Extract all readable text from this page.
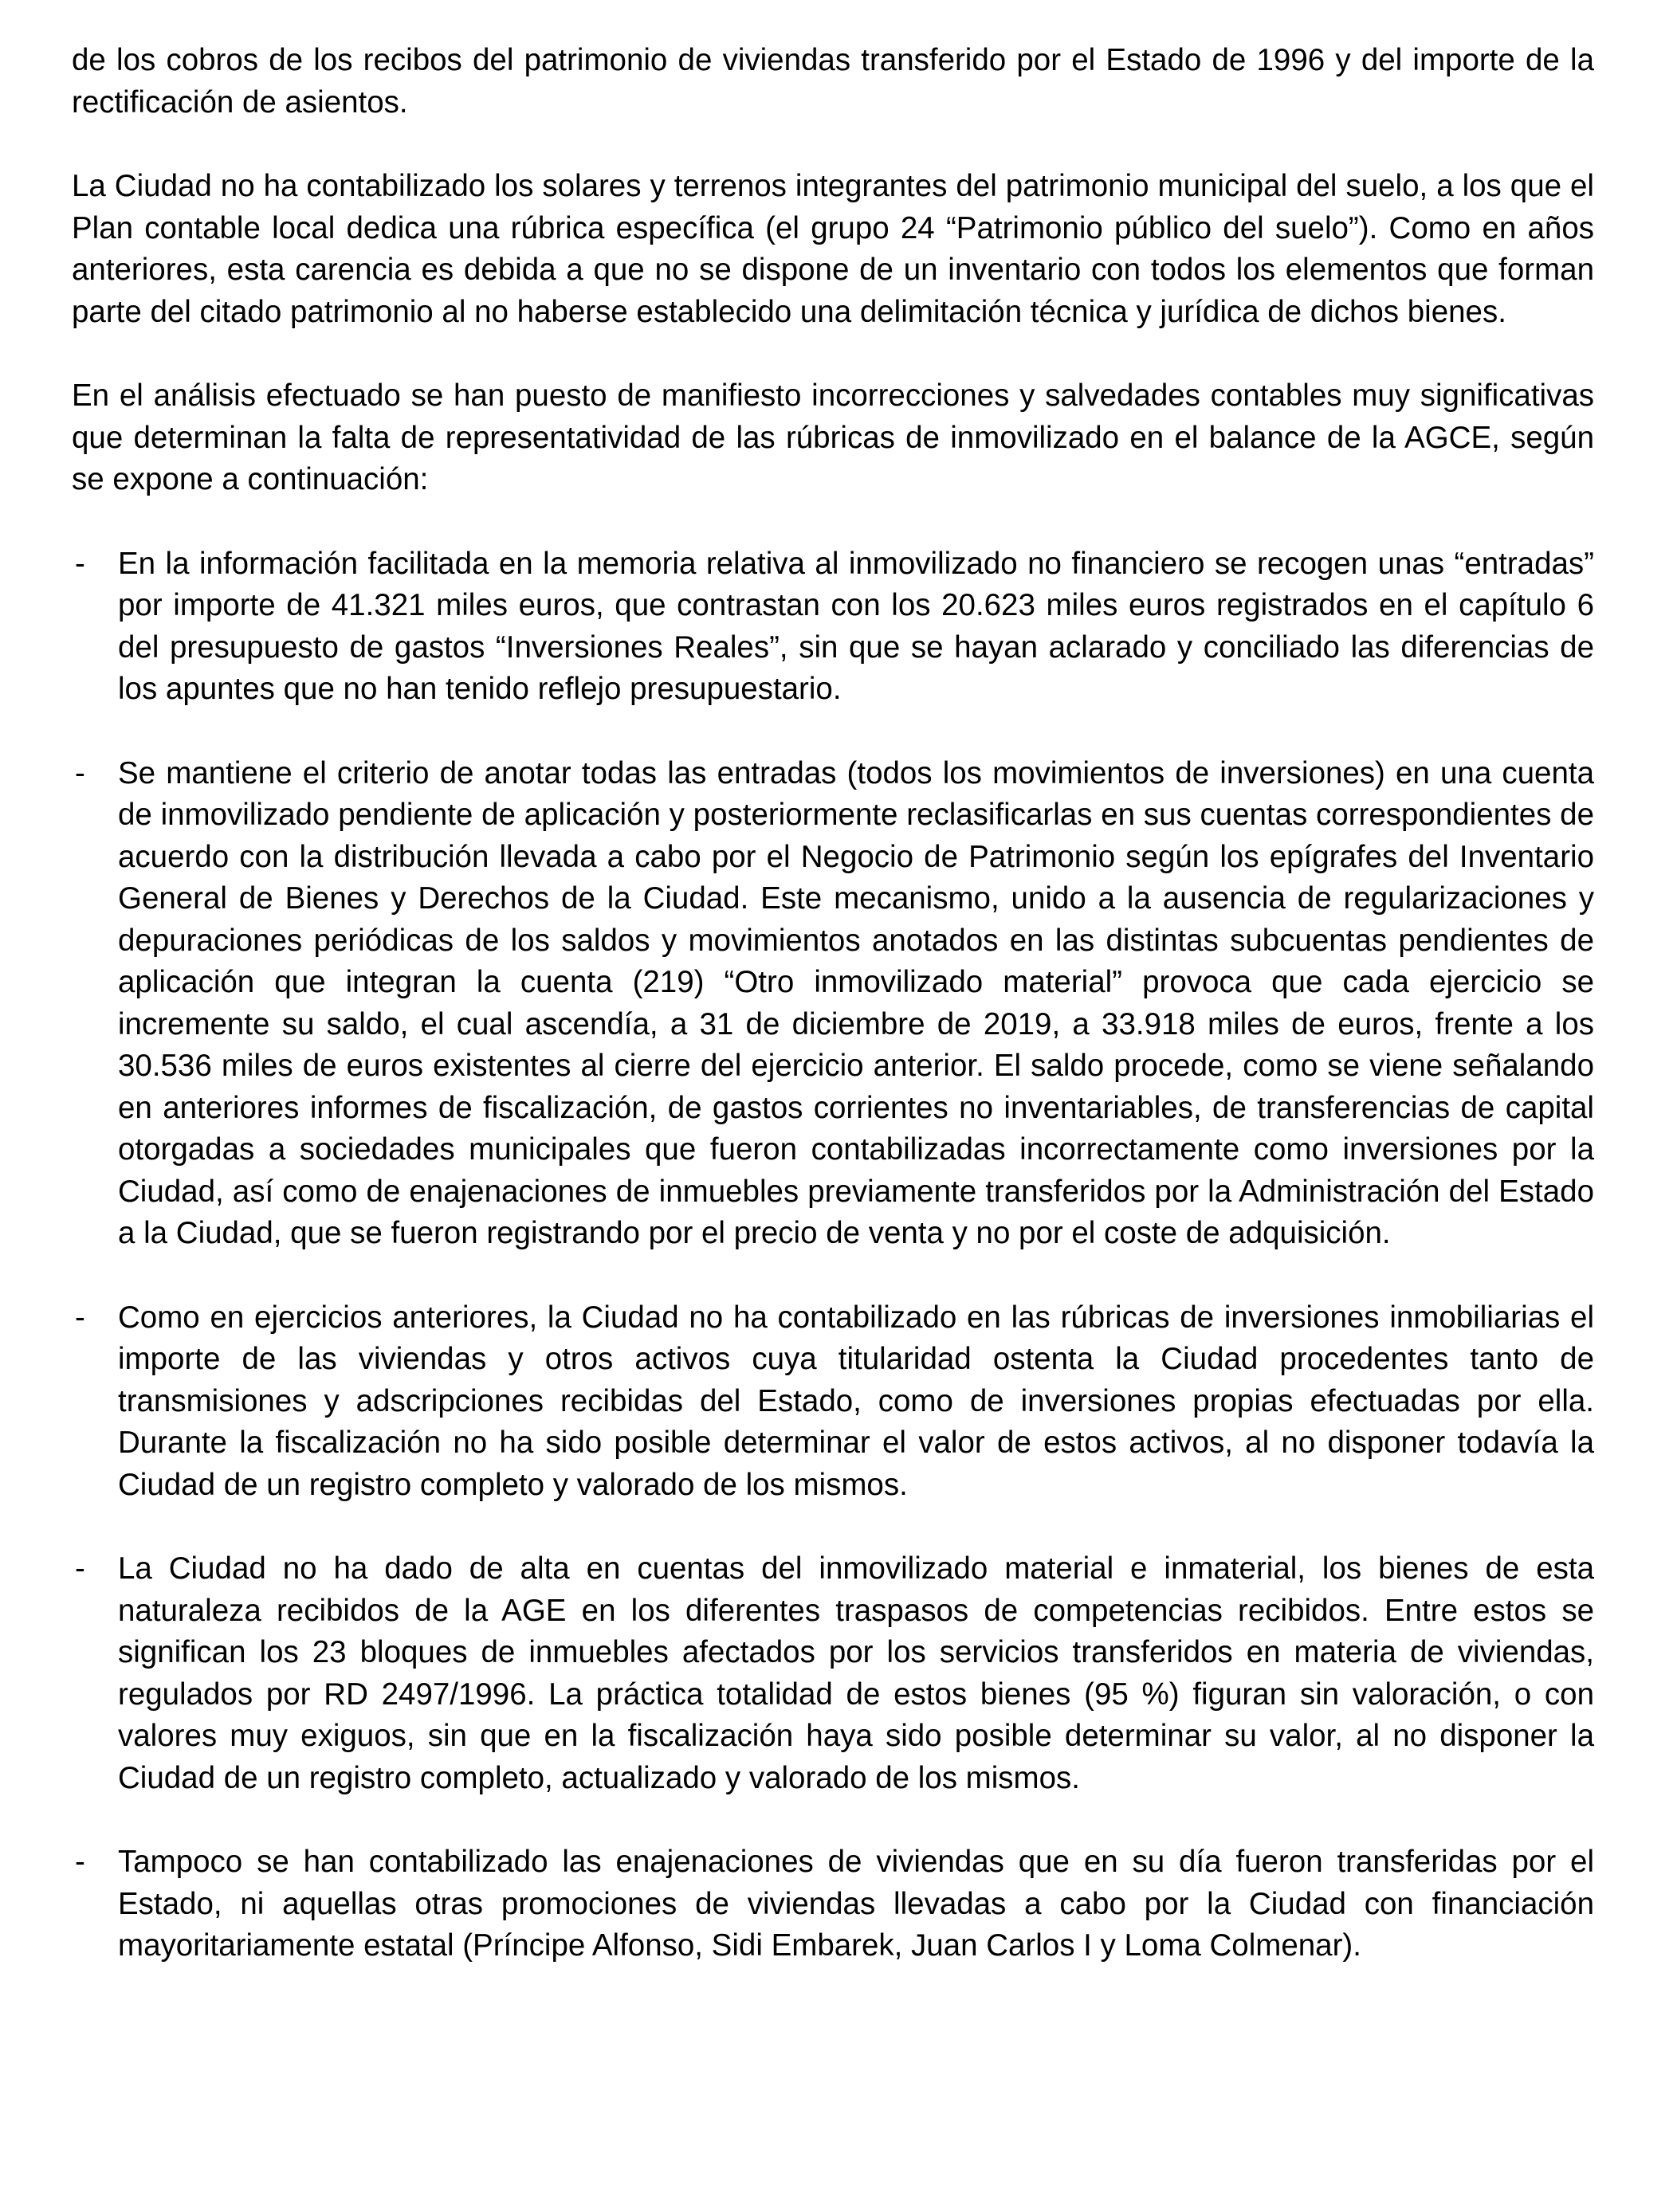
de los cobros de los recibos del patrimonio de viviendas transferido por el Estado de 1996 y del importe de la rectificación de asientos.

La Ciudad no ha contabilizado los solares y terrenos integrantes del patrimonio municipal del suelo, a los que el Plan contable local dedica una rúbrica específica (el grupo 24 “Patrimonio público del suelo”). Como en años anteriores, esta carencia es debida a que no se dispone de un inventario con todos los elementos que forman parte del citado patrimonio al no haberse establecido una delimitación técnica y jurídica de dichos bienes.

En el análisis efectuado se han puesto de manifiesto incorrecciones y salvedades contables muy significativas que determinan la falta de representatividad de las rúbricas de inmovilizado en el balance de la AGCE, según se expone a continuación:

- En la información facilitada en la memoria relativa al inmovilizado no financiero se recogen unas “entradas” por importe de 41.321 miles euros, que contrastan con los 20.623 miles euros registrados en el capítulo 6 del presupuesto de gastos “Inversiones Reales”, sin que se hayan aclarado y conciliado las diferencias de los apuntes que no han tenido reflejo presupuestario.
- Se mantiene el criterio de anotar todas las entradas (todos los movimientos de inversiones) en una cuenta de inmovilizado pendiente de aplicación y posteriormente reclasificarlas en sus cuentas correspondientes de acuerdo con la distribución llevada a cabo por el Negocio de Patrimonio según los epígrafes del Inventario General de Bienes y Derechos de la Ciudad. Este mecanismo, unido a la ausencia de regularizaciones y depuraciones periódicas de los saldos y movimientos anotados en las distintas subcuentas pendientes de aplicación que integran la cuenta (219) “Otro inmovilizado material” provoca que cada ejercicio se incremente su saldo, el cual ascendía, a 31 de diciembre de 2019, a 33.918 miles de euros, frente a los 30.536 miles de euros existentes al cierre del ejercicio anterior. El saldo procede, como se viene señalando en anteriores informes de fiscalización, de gastos corrientes no inventariables, de transferencias de capital otorgadas a sociedades municipales que fueron contabilizadas incorrectamente como inversiones por la Ciudad, así como de enajenaciones de inmuebles previamente transferidos por la Administración del Estado a la Ciudad, que se fueron registrando por el precio de venta y no por el coste de adquisición.
- Como en ejercicios anteriores, la Ciudad no ha contabilizado en las rúbricas de inversiones inmobiliarias el importe de las viviendas y otros activos cuya titularidad ostenta la Ciudad procedentes tanto de transmisiones y adscripciones recibidas del Estado, como de inversiones propias efectuadas por ella. Durante la fiscalización no ha sido posible determinar el valor de estos activos, al no disponer todavía la Ciudad de un registro completo y valorado de los mismos.
- La Ciudad no ha dado de alta en cuentas del inmovilizado material e inmaterial, los bienes de esta naturaleza recibidos de la AGE en los diferentes traspasos de competencias recibidos. Entre estos se significan los 23 bloques de inmuebles afectados por los servicios transferidos en materia de viviendas, regulados por RD 2497/1996. La práctica totalidad de estos bienes (95 %) figuran sin valoración, o con valores muy exiguos, sin que en la fiscalización haya sido posible determinar su valor, al no disponer la Ciudad de un registro completo, actualizado y valorado de los mismos.
- Tampoco se han contabilizado las enajenaciones de viviendas que en su día fueron transferidas por el Estado, ni aquellas otras promociones de viviendas llevadas a cabo por la Ciudad con financiación mayoritariamente estatal (Príncipe Alfonso, Sidi Embarek, Juan Carlos I y Loma Colmenar).
